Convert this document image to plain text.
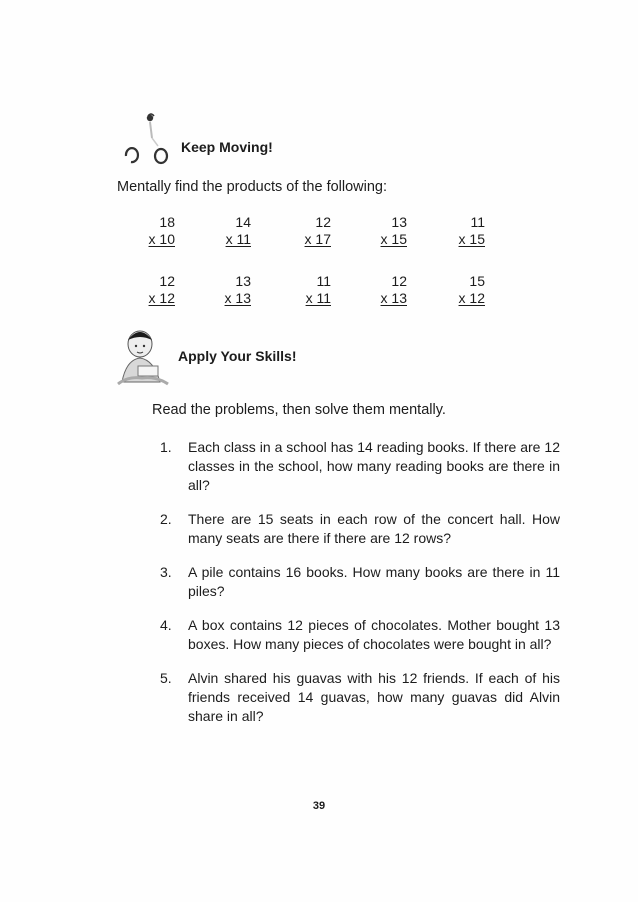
Keep Moving!
Mentally find the products of the following:
18
x 10
14
x 11
12
x 17
13
x 15
11
x 15
12
x 12
13
x 13
11
x 11
12
x 13
15
x 12
Apply Your Skills!
Read the problems, then solve them mentally.
1. Each class in a school has 14 reading books. If there are 12 classes in the school, how many reading books are there in all?
2. There are 15 seats in each row of the concert hall. How many seats are there if there are 12 rows?
3. A pile contains 16 books. How many books are there in 11 piles?
4. A box contains 12 pieces of chocolates. Mother bought 13 boxes. How many pieces of chocolates were bought in all?
5. Alvin shared his guavas with his 12 friends. If each of his friends received 14 guavas, how many guavas did Alvin share in all?
39
